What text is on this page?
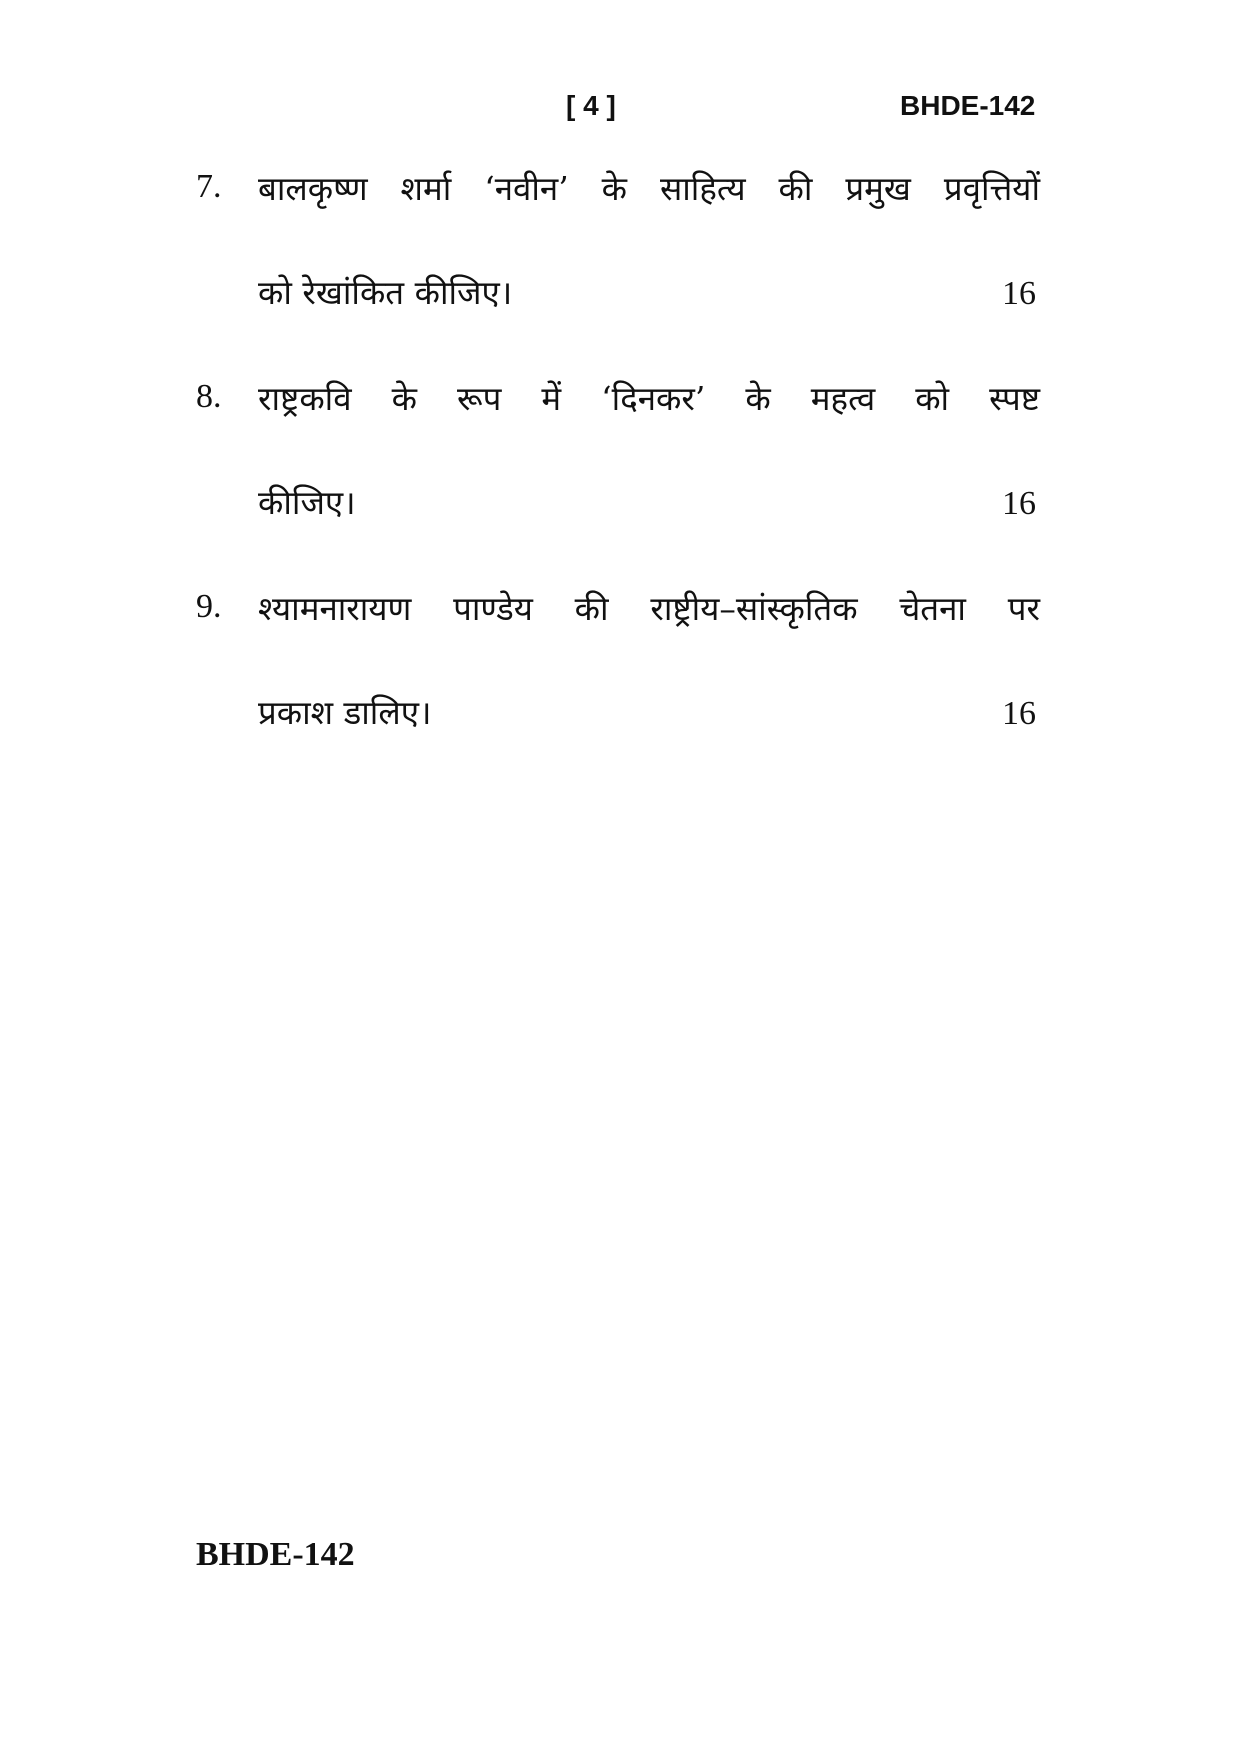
[ 4 ]	BHDE-142
7. बालकृष्ण शर्मा ‘नवीन’ के साहित्य की प्रमुख प्रवृत्तियों
को रेखांकित कीजिए।	16
8. राष्ट्रकवि के रूप में ‘दिनकर’ के महत्व को स्पष्ट
कीजिए।	16
9. श्यामनारायण पाण्डेय की राष्ट्रीय–सांस्कृतिक चेतना पर
प्रकाश डालिए।	16
BHDE-142
